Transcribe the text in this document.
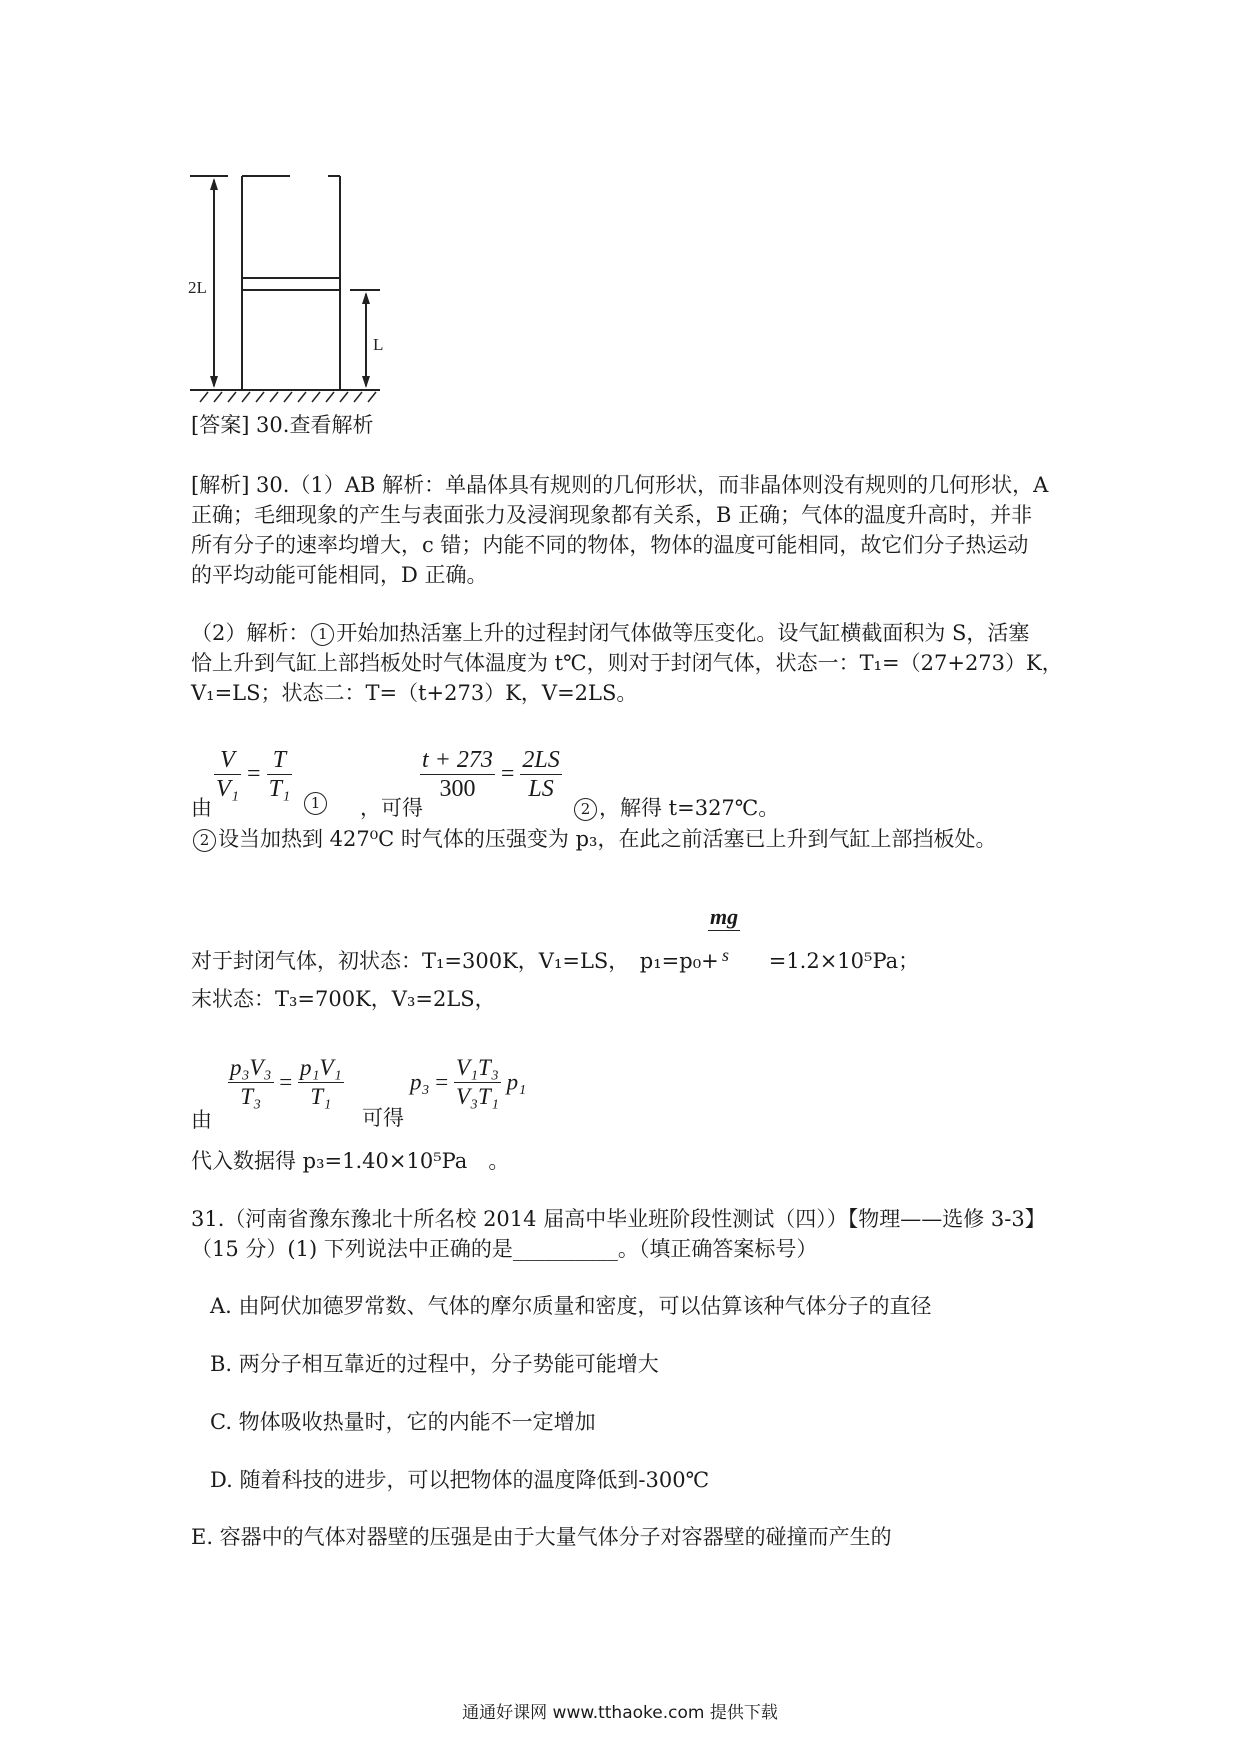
2L
L
[答案] 30.查看解析
[解析] 30.（1）AB 解析：单晶体具有规则的几何形状，而非晶体则没有规则的几何形状，A
正确；毛细现象的产生与表面张力及浸润现象都有关系，B 正确；气体的温度升高时，并非
所有分子的速率均增大，c 错；内能不同的物体，物体的温度可能相同，故它们分子热运动
的平均动能可能相同，D 正确。
（2）解析： 1 开始加热活塞上升的过程封闭气体做等压变化。设气缸横截面积为 S，活塞
恰上升到气缸上部挡板处时气体温度为 t℃，则对于封闭气体，状态一：T₁=（27+273）K，
V₁=LS；状态二：T=（t+273）K，V=2LS。
由
$\frac{V}{\text{V₁}} = \frac{T}{\text{T₁}}$	1	，可得
$\frac{t + 273}{300} = \frac{2LS}{LS}$
2 ，解得 t=327℃。
2 设当加热到 427⁰C 时气体的压强变为 p₃，在此之前活塞已上升到气缸上部挡板处。
mg
s
对于封闭气体，初状态：T₁=300K，V₁=LS，　p₁=p₀+ =1.2×10⁵Pa；
末状态：T₃=700K，V₃=2LS，
由
$\frac{\text{p₃V₃}}{\text{T₃}} = \frac{\text{p₁V₁}}{\text{T₁}}$
可得
$p_3 = \frac{\text{V₁T₃}}{\text{V₃T₁}} p_1$
代入数据得 p₃=1.40×10⁵Pa　。
31.（河南省豫东豫北十所名校 2014 届高中毕业班阶段性测试（四））【物理——选修 3-3】
（15 分）(1) 下列说法中正确的是__________。（填正确答案标号）
A. 由阿伏加德罗常数、气体的摩尔质量和密度，可以估算该种气体分子的直径
B. 两分子相互靠近的过程中，分子势能可能增大
C. 物体吸收热量时，它的内能不一定增加
D. 随着科技的进步，可以把物体的温度降低到-300℃
E. 容器中的气体对器壁的压强是由于大量气体分子对容器壁的碰撞而产生的
通通好课网 www.tthaoke.com 提供下载
